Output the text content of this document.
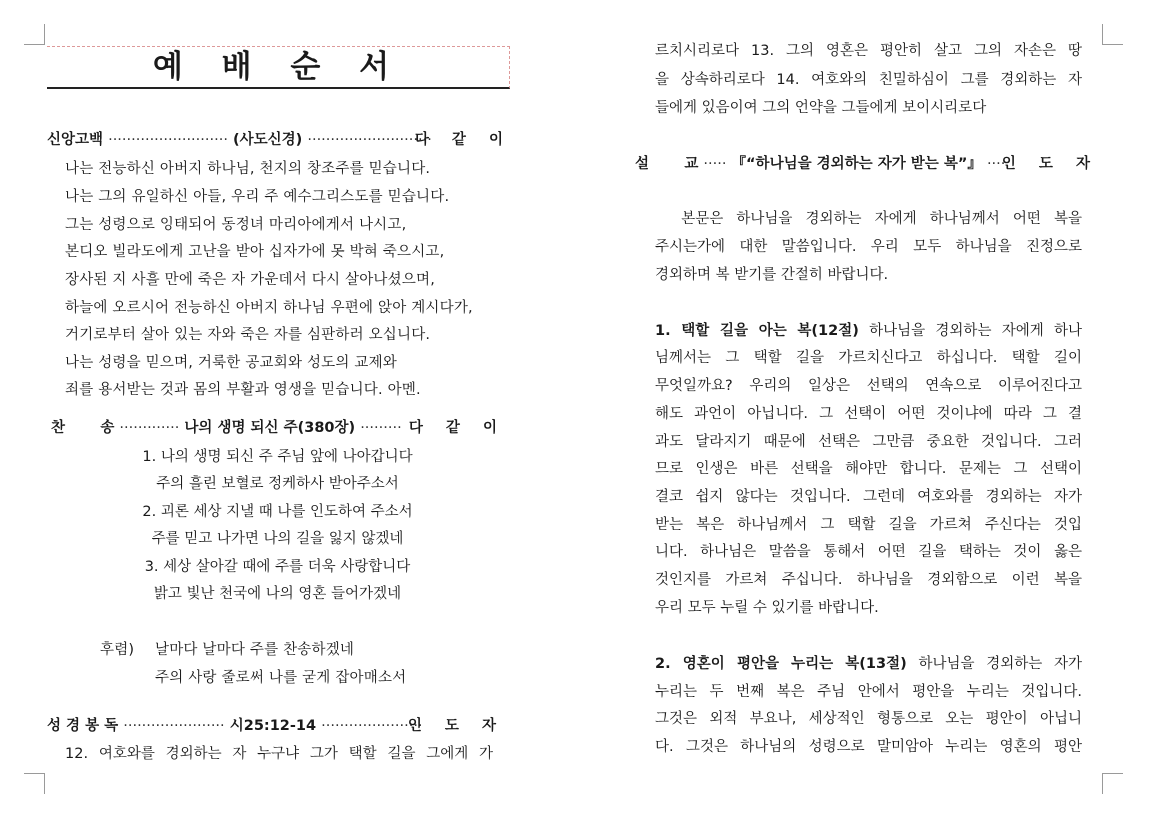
예 배 순 서
신앙고백 ·························· (사도신경) ···························
다 같 이
나는 전능하신 아버지 하나님, 천지의 창조주를 믿습니다.
나는 그의 유일하신 아들, 우리 주 예수그리스도를 믿습니다.
그는 성령으로 잉태되어 동정녀 마리아에게서 나시고,
본디오 빌라도에게 고난을 받아 십자가에 못 박혀 죽으시고,
장사된 지 사흘 만에 죽은 자 가운데서 다시 살아나셨으며,
하늘에 오르시어 전능하신 아버지 하나님 우편에 앉아 계시다가,
거기로부터 살아 있는 자와 죽은 자를 심판하러 오십니다.
나는 성령을 믿으며, 거룩한 공교회와 성도의 교제와
죄를 용서받는 것과 몸의 부활과 영생을 믿습니다. 아멘.
찬       송 ············· 나의 생명 되신 주(380장) ········· 다 같 이
1. 나의 생명 되신 주 주님 앞에 나아갑니다
주의 흘린 보혈로 정케하사 받아주소서
2. 괴론 세상 지낼 때 나를 인도하여 주소서
주를 믿고 나가면 나의 길을 잃지 않겠네
3. 세상 살아갈 때에 주를 더욱 사랑합니다
밝고 빛난 천국에 나의 영혼 들어가겠네
후렴) 날마다 날마다 주를 찬송하겠네
주의 사랑 줄로써 나를 굳게 잡아매소서
성 경 봉 독 ······················ 시25:12-14 ······················
인 도 자
12. 여호와를 경외하는 자 누구냐 그가 택할 길을 그에게 가
르치시리로다 13. 그의 영혼은 평안히 살고 그의 자손은 땅
을 상속하리로다 14. 여호와의 친밀하심이 그를 경외하는 자
들에게 있음이여 그의 언약을 그들에게 보이시리로다
설       교 ····· 『“하나님을 경외하는 자가 받는 복”』 ····
인 도 자
본문은 하나님을 경외하는 자에게 하나님께서 어떤 복을
주시는가에 대한 말씀입니다. 우리 모두 하나님을 진정으로
경외하며 복 받기를 간절히 바랍니다.
1. 택할 길을 아는 복(12절) 하나님을 경외하는 자에게 하나
님께서는 그 택할 길을 가르치신다고 하십니다. 택할 길이
무엇일까요? 우리의 일상은 선택의 연속으로 이루어진다고
해도 과언이 아닙니다. 그 선택이 어떤 것이냐에 따라 그 결
과도 달라지기 때문에 선택은 그만큼 중요한 것입니다. 그러
므로 인생은 바른 선택을 해야만 합니다. 문제는 그 선택이
결코 쉽지 않다는 것입니다. 그런데 여호와를 경외하는 자가
받는 복은 하나님께서 그 택할 길을 가르쳐 주신다는 것입
니다. 하나님은 말씀을 통해서 어떤 길을 택하는 것이 옳은
것인지를 가르쳐 주십니다. 하나님을 경외함으로 이런 복을
우리 모두 누릴 수 있기를 바랍니다.
2. 영혼이 평안을 누리는 복(13절) 하나님을 경외하는 자가
누리는 두 번째 복은 주님 안에서 평안을 누리는 것입니다.
그것은 외적 부요나, 세상적인 형통으로 오는 평안이 아닙니
다. 그것은 하나님의 성령으로 말미암아 누리는 영혼의 평안
